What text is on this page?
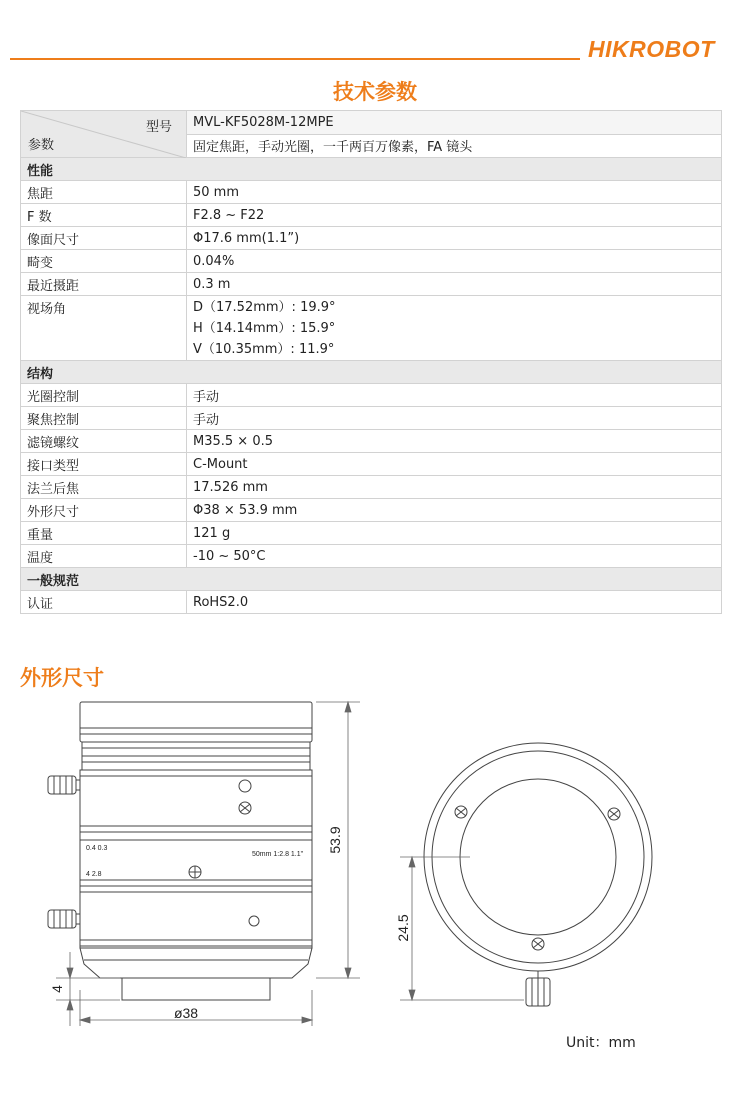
HIKROBOT
技术参数
型号
参数	MVL-KF5028M-12MPE
	固定焦距，手动光圈，一千两百万像素，FA 镜头
性能	
焦距	50 mm
F 数	F2.8 ~ F22
像面尺寸	Φ17.6 mm(1.1”)
畸变	0.04%
最近摄距	0.3 m
视场角	D（17.52mm）: 19.9°
H（14.14mm）: 15.9°
V（10.35mm）: 11.9°

结构	
光圈控制	手动
聚焦控制	手动
滤镜螺纹	M35.5 × 0.5
接口类型	C-Mount
法兰后焦	17.526 mm
外形尺寸	Φ38 × 53.9 mm
重量	121 g
温度	-10 ~ 50°C
一般规范	
认证	RoHS2.0
外形尺寸
0.4 0.3
4 2.8
50mm 1:2.8 1.1"
53.9
ø38
4
24.5
Unit：mm
